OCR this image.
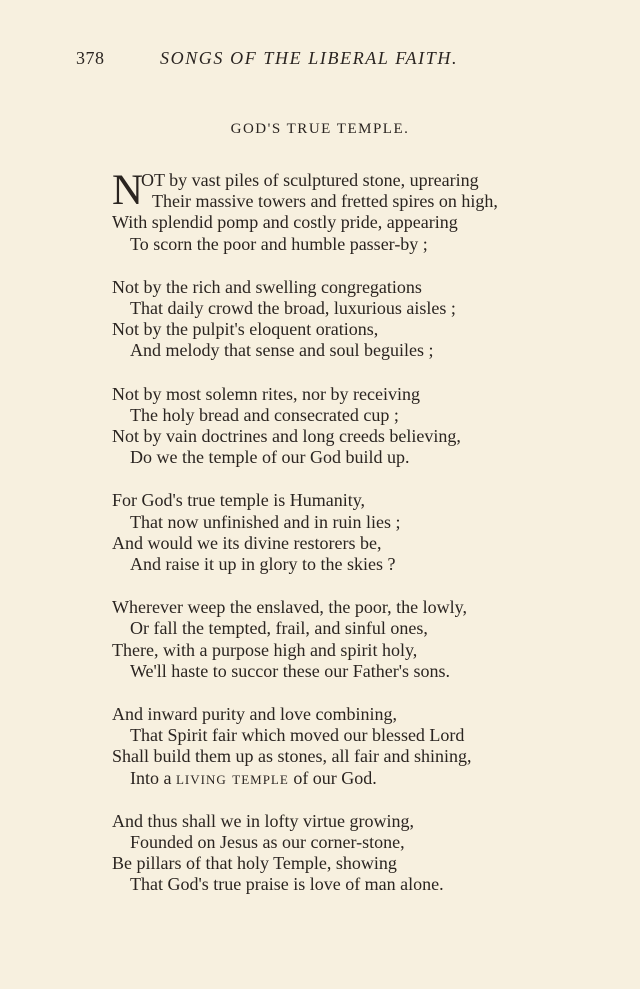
378	SONGS OF THE LIBERAL FAITH.
GOD'S TRUE TEMPLE.
N
OT by vast piles of sculptured stone, uprearing
Their massive towers and fretted spires on high,
With splendid pomp and costly pride, appearing
To scorn the poor and humble passer-by ;
Not by the rich and swelling congregations
That daily crowd the broad, luxurious aisles ;
Not by the pulpit's eloquent orations,
And melody that sense and soul beguiles ;
Not by most solemn rites, nor by receiving
The holy bread and consecrated cup ;
Not by vain doctrines and long creeds believing,
Do we the temple of our God build up.
For God's true temple is Humanity,
That now unfinished and in ruin lies ;
And would we its divine restorers be,
And raise it up in glory to the skies ?
Wherever weep the enslaved, the poor, the lowly,
Or fall the tempted, frail, and sinful ones,
There, with a purpose high and spirit holy,
We'll haste to succor these our Father's sons.
And inward purity and love combining,
That Spirit fair which moved our blessed Lord
Shall build them up as stones, all fair and shining,
Into a living temple of our God.
And thus shall we in lofty virtue growing,
Founded on Jesus as our corner-stone,
Be pillars of that holy Temple, showing
That God's true praise is love of man alone.
